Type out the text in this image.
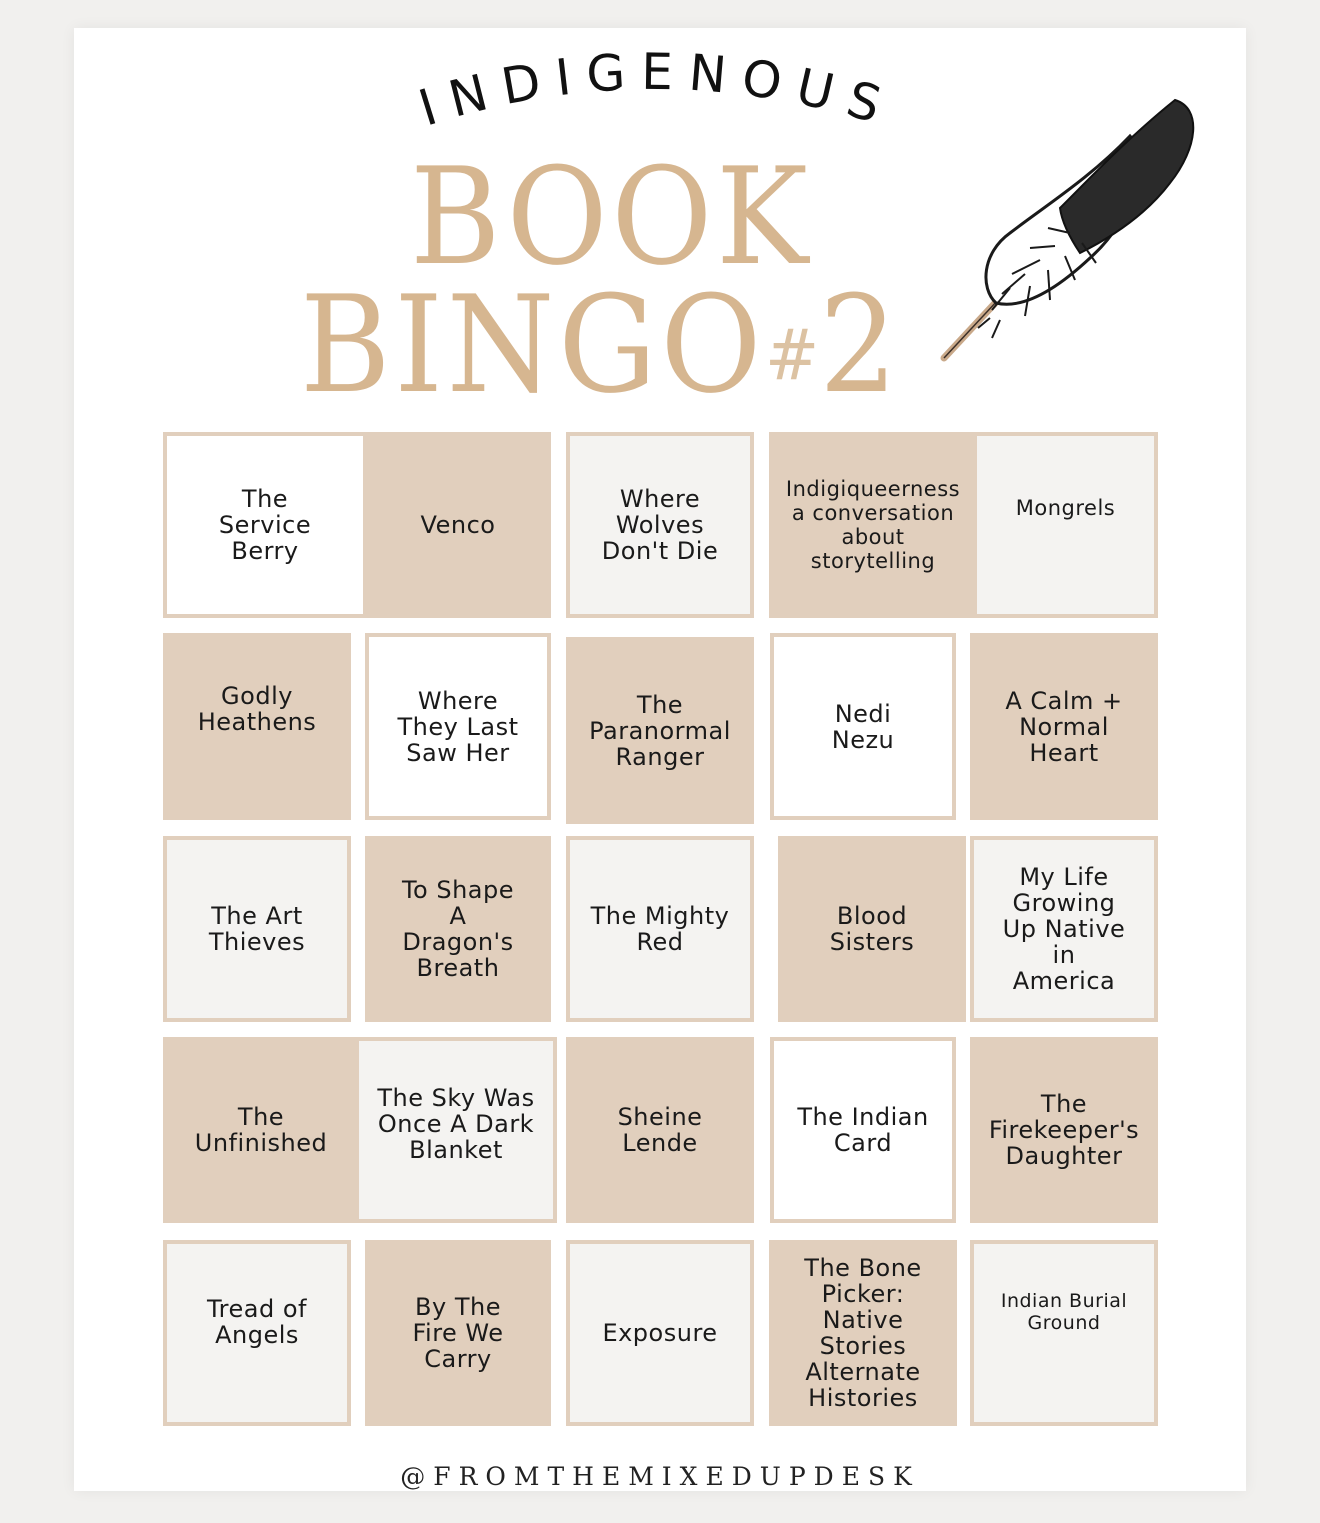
INDIGENOUS
BOOK
BINGO#2
The
Service
Berry
Venco
Where
Wolves
Don't Die
Indigiqueerness
a conversation
about
storytelling
Mongrels
Godly
Heathens
Where
They Last
Saw Her
The
Paranormal
Ranger
Nedi
Nezu
A Calm +
Normal
Heart
The Art
Thieves
To Shape
A
Dragon's
Breath
The Mighty
Red
Blood
Sisters
My Life
Growing
Up Native
in
America
The
Unfinished
The Sky Was
Once A Dark
Blanket
Sheine
Lende
The Indian
Card
The
Firekeeper's
Daughter
Tread of
Angels
By The
Fire We
Carry
Exposure
The Bone
Picker:
Native
Stories
Alternate
Histories
Indian Burial
Ground
@FROMTHEMIXEDUPDESK
